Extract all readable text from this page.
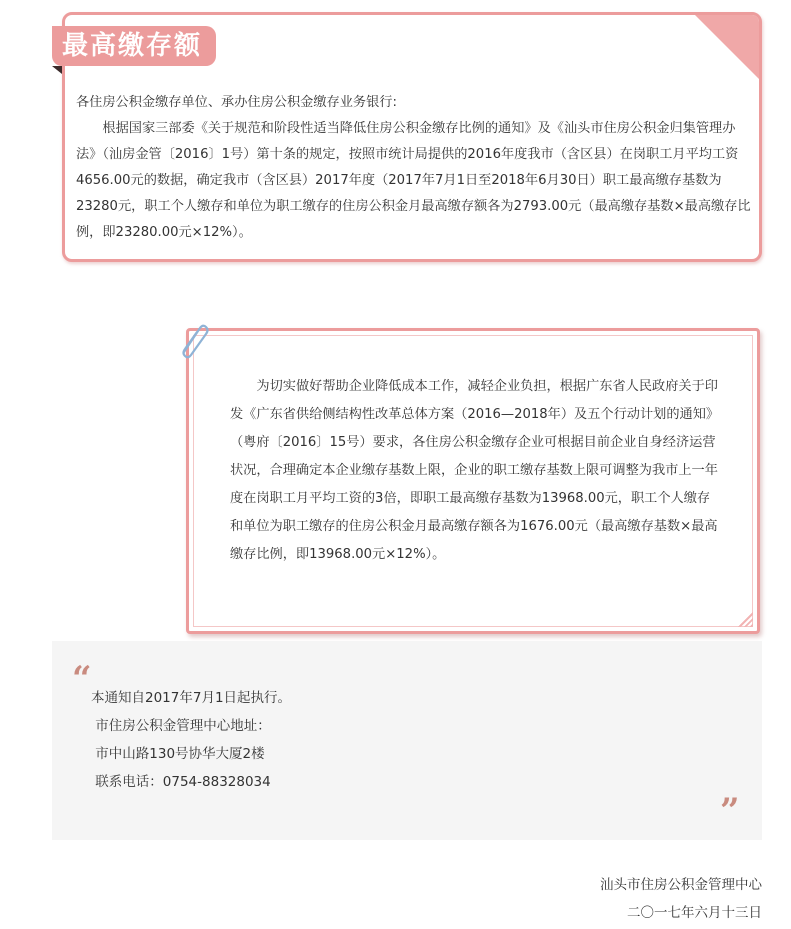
最高缴存额

各住房公积金缴存单位、承办住房公积金缴存业务银行:

根据国家三部委《关于规范和阶段性适当降低住房公积金缴存比例的通知》及《汕头市住房公积金归集管理办法》（汕房金管〔2016〕1号）第十条的规定，按照市统计局提供的2016年度我市（含区县）在岗职工月平均工资4656.00元的数据，确定我市（含区县）2017年度（2017年7月1日至2018年6月30日）职工最高缴存基数为23280元，职工个人缴存和单位为职工缴存的住房公积金月最高缴存额各为2793.00元（最高缴存基数×最高缴存比例，即23280.00元×12%）。

为切实做好帮助企业降低成本工作，减轻企业负担，根据广东省人民政府关于印发《广东省供给侧结构性改革总体方案（2016—2018年）及五个行动计划的通知》（粤府〔2016〕15号）要求，各住房公积金缴存企业可根据目前企业自身经济运营状况，合理确定本企业缴存基数上限，企业的职工缴存基数上限可调整为我市上一年度在岗职工月平均工资的3倍，即职工最高缴存基数为13968.00元，职工个人缴存和单位为职工缴存的住房公积金月最高缴存额各为1676.00元（最高缴存基数×最高缴存比例，即13968.00元×12%）。

“ 本通知自2017年7月1日起执行。
市住房公积金管理中心地址：
市中山路130号协华大厦2楼
联系电话：0754-88328034
”
汕头市住房公积金管理中心
二〇一七年六月十三日
